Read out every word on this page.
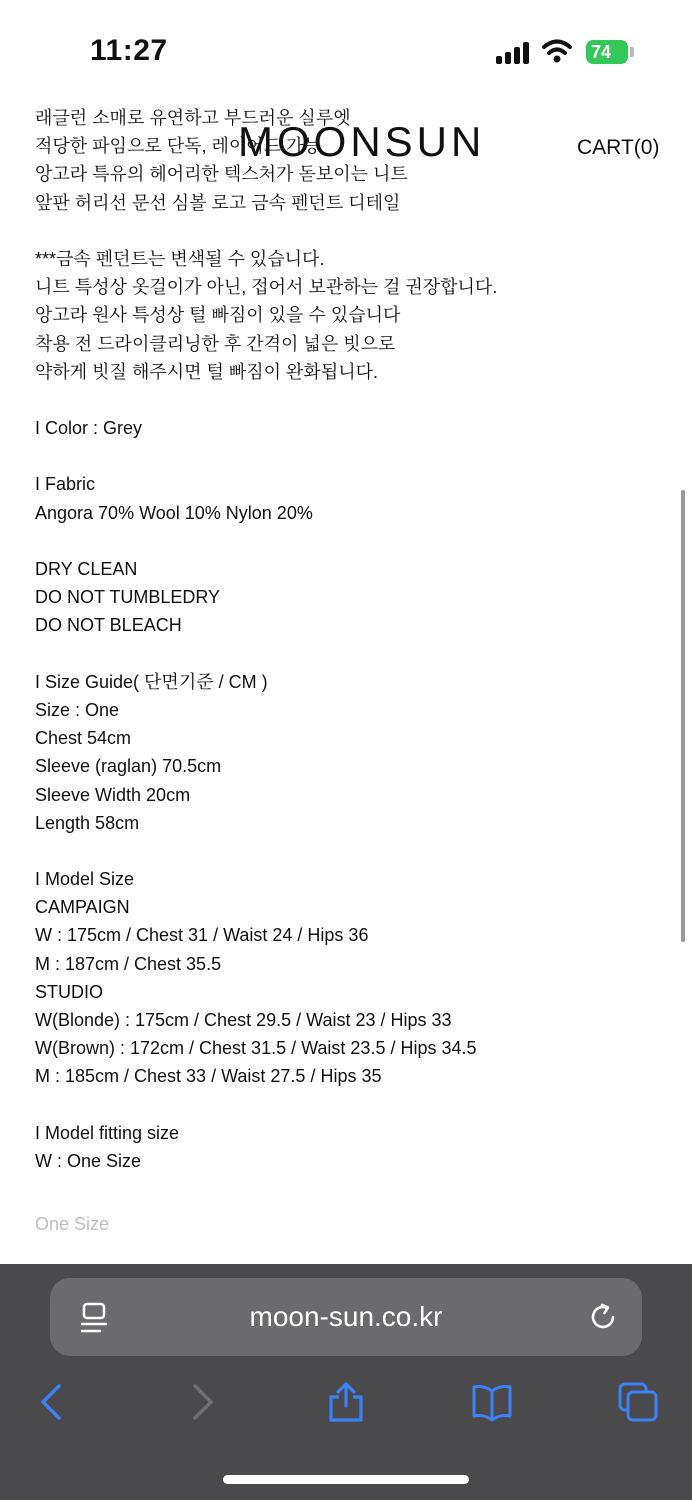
11:27	74
MOONSUN	CART(0)
래글런 소매로 유연하고 부드러운 실루엣
적당한 파임으로 단독, 레이어드 가능
앙고라 특유의 헤어리한 텍스처가 돋보이는 니트
앞판 허리선 문선 심볼 로고 금속 펜던트 디테일
***금속 펜던트는 변색될 수 있습니다.
니트 특성상 옷걸이가 아닌, 접어서 보관하는 걸 권장합니다.
앙고라 원사 특성상 털 빠짐이 있을 수 있습니다
착용 전 드라이클리닝한 후 간격이 넓은 빗으로
약하게 빗질 해주시면 털 빠짐이 완화됩니다.
I Color : Grey
I Fabric
Angora 70% Wool 10% Nylon 20%
DRY CLEAN
DO NOT TUMBLEDRY
DO NOT BLEACH
I Size Guide( 단면기준 / CM )
Size : One
Chest 54cm
Sleeve (raglan) 70.5cm
Sleeve Width 20cm
Length 58cm
I Model Size
CAMPAIGN
W : 175cm / Chest 31 / Waist 24 / Hips 36
M : 187cm / Chest 35.5
STUDIO
W(Blonde) : 175cm / Chest 29.5 / Waist 23 / Hips 33
W(Brown) : 172cm / Chest 31.5 / Waist 23.5 / Hips 34.5
M : 185cm / Chest 33 / Waist 27.5 / Hips 35
I Model fitting size
W : One Size
One Size
moon-sun.co.kr
